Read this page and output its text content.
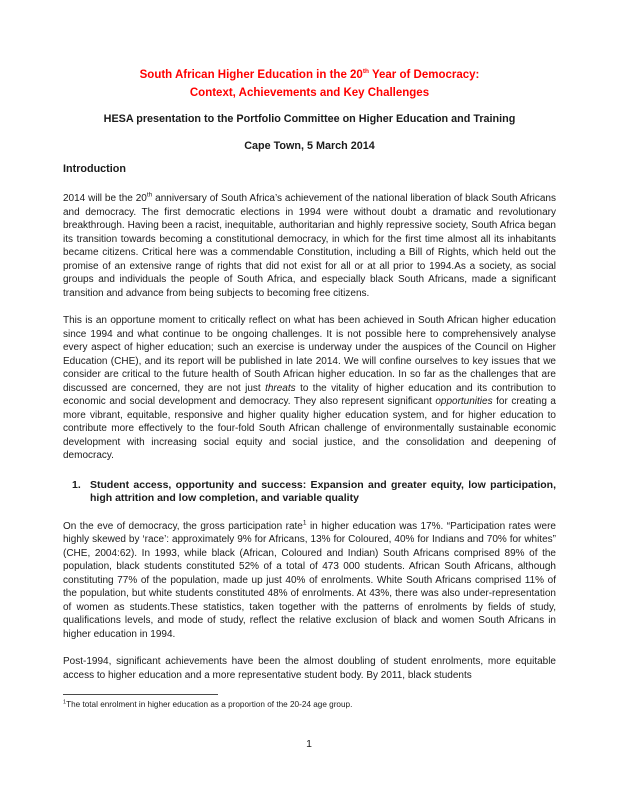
South African Higher Education in the 20th Year of Democracy:
Context, Achievements and Key Challenges

HESA presentation to the Portfolio Committee on Higher Education and Training

Cape Town, 5 March 2014

Introduction

2014 will be the 20th anniversary of South Africa’s achievement of the national liberation of black South Africans and democracy. The first democratic elections in 1994 were without doubt a dramatic and revolutionary breakthrough. Having been a racist, inequitable, authoritarian and highly repressive society, South Africa began its transition towards becoming a constitutional democracy, in which for the first time almost all its inhabitants became citizens. Critical here was a commendable Constitution, including a Bill of Rights, which held out the promise of an extensive range of rights that did not exist for all or at all prior to 1994.As a society, as social groups and individuals the people of South Africa, and especially black South Africans, made a significant transition and advance from being subjects to becoming free citizens.

This is an opportune moment to critically reflect on what has been achieved in South African higher education since 1994 and what continue to be ongoing challenges. It is not possible here to comprehensively analyse every aspect of higher education; such an exercise is underway under the auspices of the Council on Higher Education (CHE), and its report will be published in late 2014. We will confine ourselves to key issues that we consider are critical to the future health of South African higher education. In so far as the challenges that are discussed are concerned, they are not just threats to the vitality of higher education and its contribution to economic and social development and democracy. They also represent significant opportunities for creating a more vibrant, equitable, responsive and higher quality higher education system, and for higher education to contribute more effectively to the four-fold South African challenge of environmentally sustainable economic development with increasing social equity and social justice, and the consolidation and deepening of democracy.

1. Student access, opportunity and success: Expansion and greater equity, low participation, high attrition and low completion, and variable quality

On the eve of democracy, the gross participation rate$^1$ in higher education was 17%. “Participation rates were highly skewed by ‘race’: approximately 9% for Africans, 13% for Coloured, 40% for Indians and 70% for whites” (CHE, 2004:62). In 1993, while black (African, Coloured and Indian) South Africans comprised 89% of the population, black students constituted 52% of a total of 473 000 students. African South Africans, although constituting 77% of the population, made up just 40% of enrolments. White South Africans comprised 11% of the population, but white students constituted 48% of enrolments. At 43%, there was also under-representation of women as students.These statistics, taken together with the patterns of enrolments by fields of study, qualifications levels, and mode of study, reflect the relative exclusion of black and women South Africans in higher education in 1994.

Post-1994, significant achievements have been the almost doubling of student enrolments, more equitable access to higher education and a more representative student body. By 2011, black students

$^1$The total enrolment in higher education as a proportion of the 20-24 age group.

1
